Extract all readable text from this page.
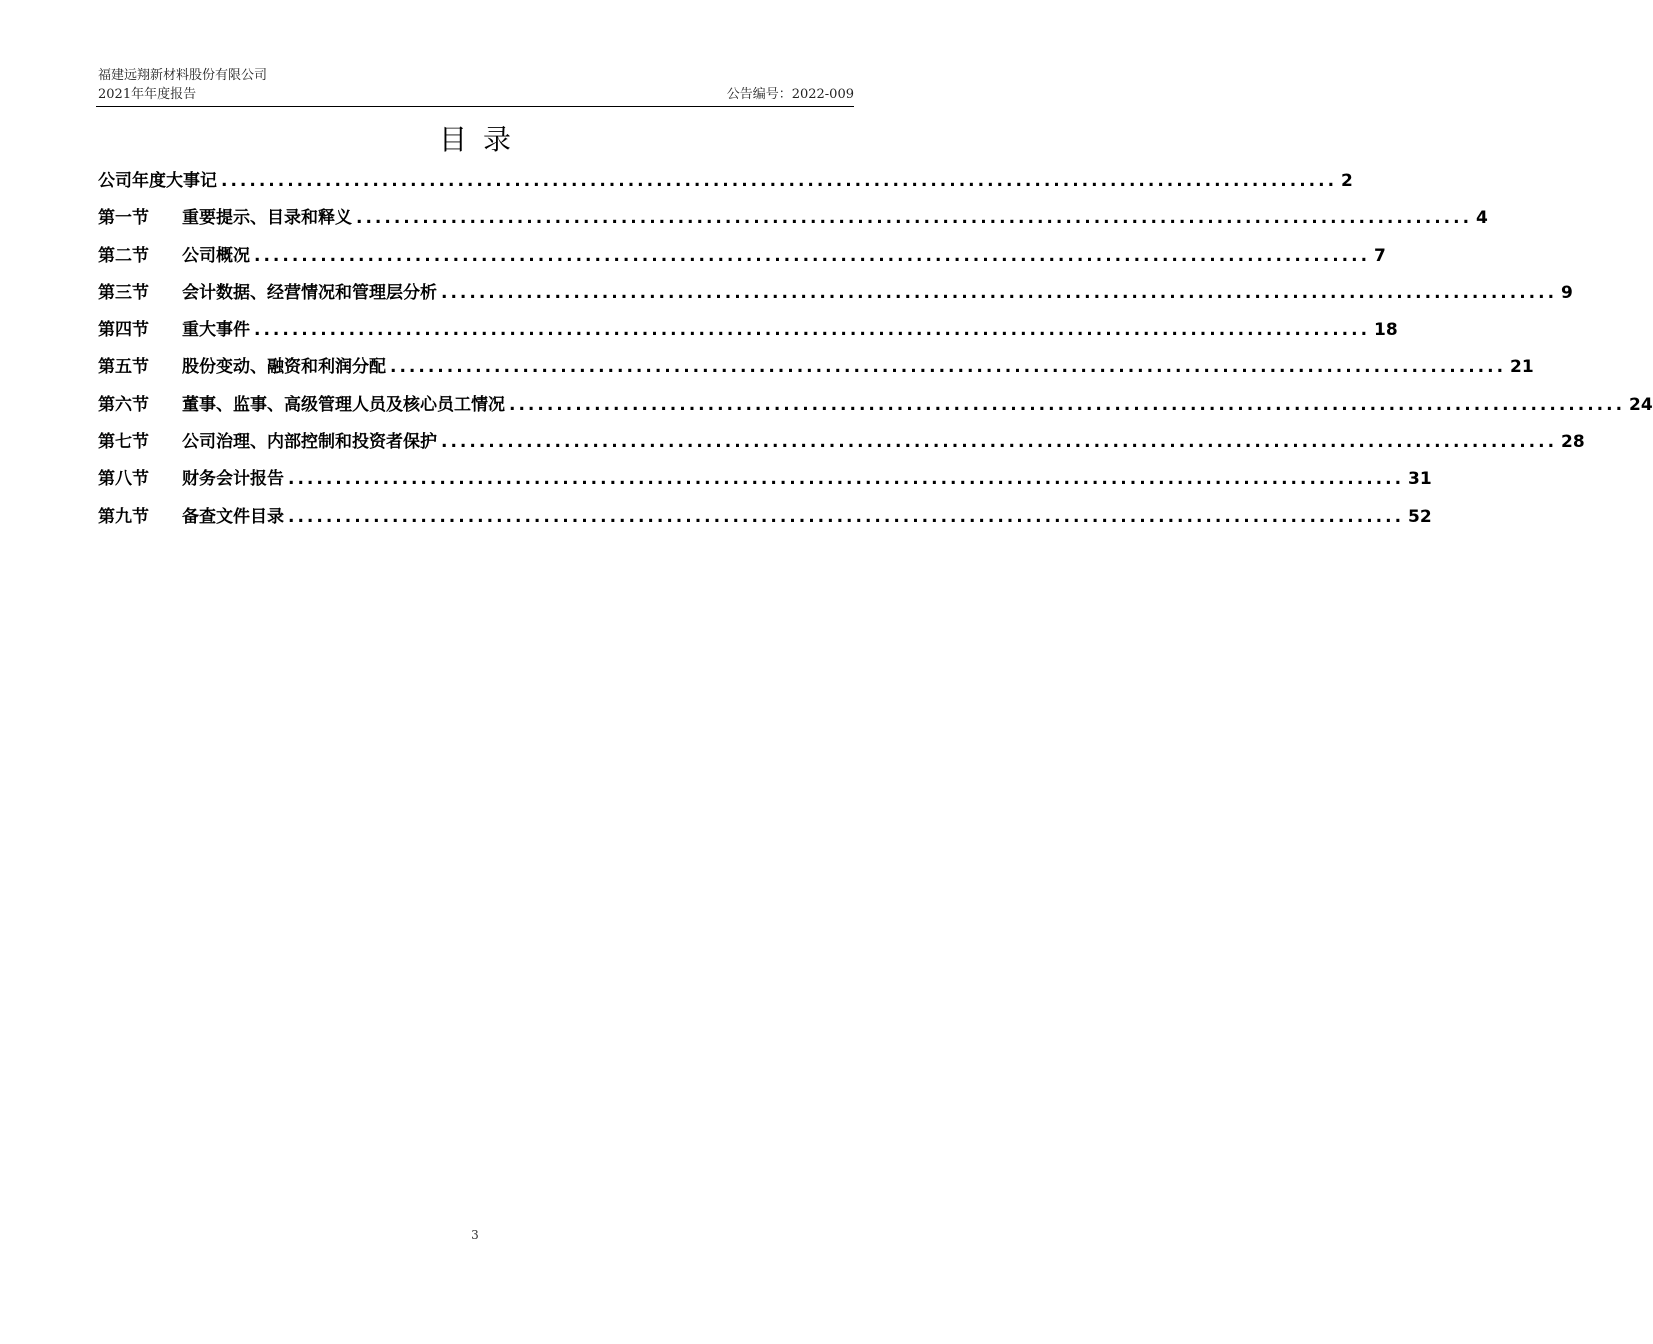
福建远翔新材料股份有限公司
2021年年度报告	公告编号：2022-009
目录
公司年度大事记 ...................................................................................................................... 2
第一节	重要提示、目录和释义 ...................................................................................................................... 4
第二节	公司概况 ...................................................................................................................... 7
第三节	会计数据、经营情况和管理层分析 ...................................................................................................................... 9
第四节	重大事件 ...................................................................................................................... 18
第五节	股份变动、融资和利润分配 ...................................................................................................................... 21
第六节	董事、监事、高级管理人员及核心员工情况 ...................................................................................................................... 24
第七节	公司治理、内部控制和投资者保护 ...................................................................................................................... 28
第八节	财务会计报告 ...................................................................................................................... 31
第九节	备查文件目录 ...................................................................................................................... 52
3
